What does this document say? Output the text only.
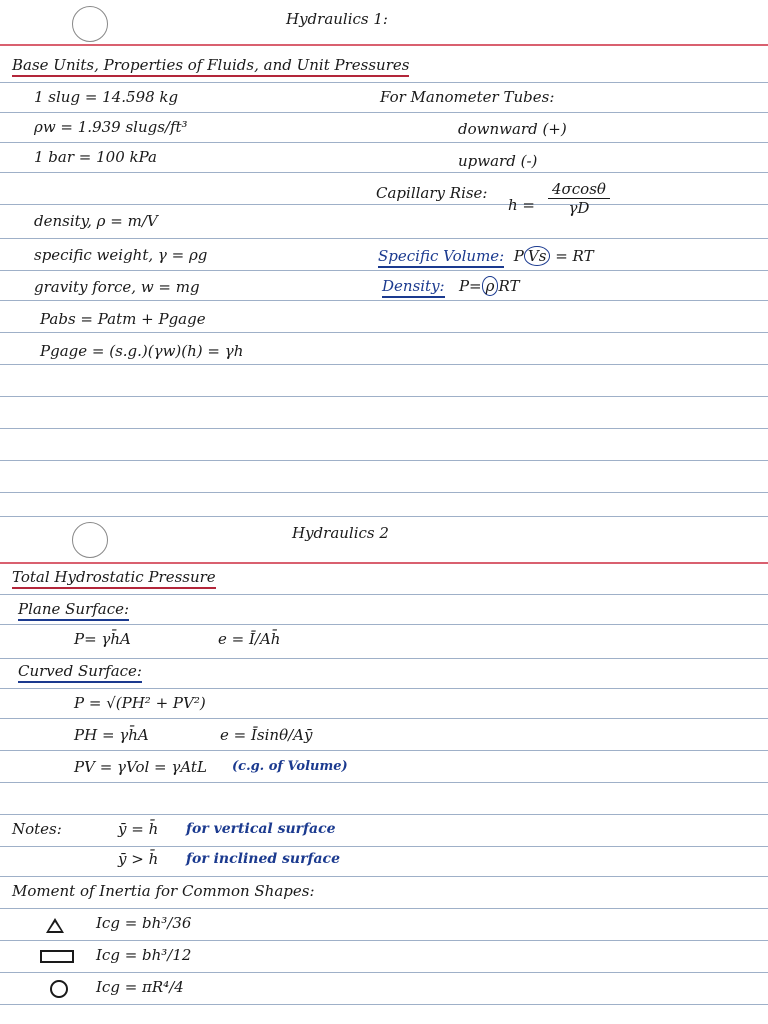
Hydraulics 1:
Base Units, Properties of Fluids, and Unit Pressures
1 slug = 14.598 kg
ρw = 1.939 slugs/ft³
1 bar = 100 kPa
For Manometer Tubes:
downward (+)
upward (-)
Capillary Rise:
$h = \frac{4\sigma\cos\theta}{\gamma D}$
density, ρ = m/V
specific weight, γ = ρg
gravity force, w = mg
Pabs = Patm + Pgage
Pgage = (s.g.)(γw)(h) = γh
Specific Volume: P Vs = RT
Density: P= ρ RT
Hydraulics 2
Total Hydrostatic Pressure
Plane Surface:
P= γh̄A	e = Ī/Ah̄
Curved Surface:
P = √(PH² + PV²)
PH = γh̄A	e = Īsinθ/Aȳ
PV = γVol = γAtL (c.g. of Volume)
Notes:	ȳ = h̄ for vertical surface
ȳ > h̄ for inclined surface
Moment of Inertia for Common Shapes:
Icg = bh³/36
Icg = bh³/12
Icg = πR⁴/4
